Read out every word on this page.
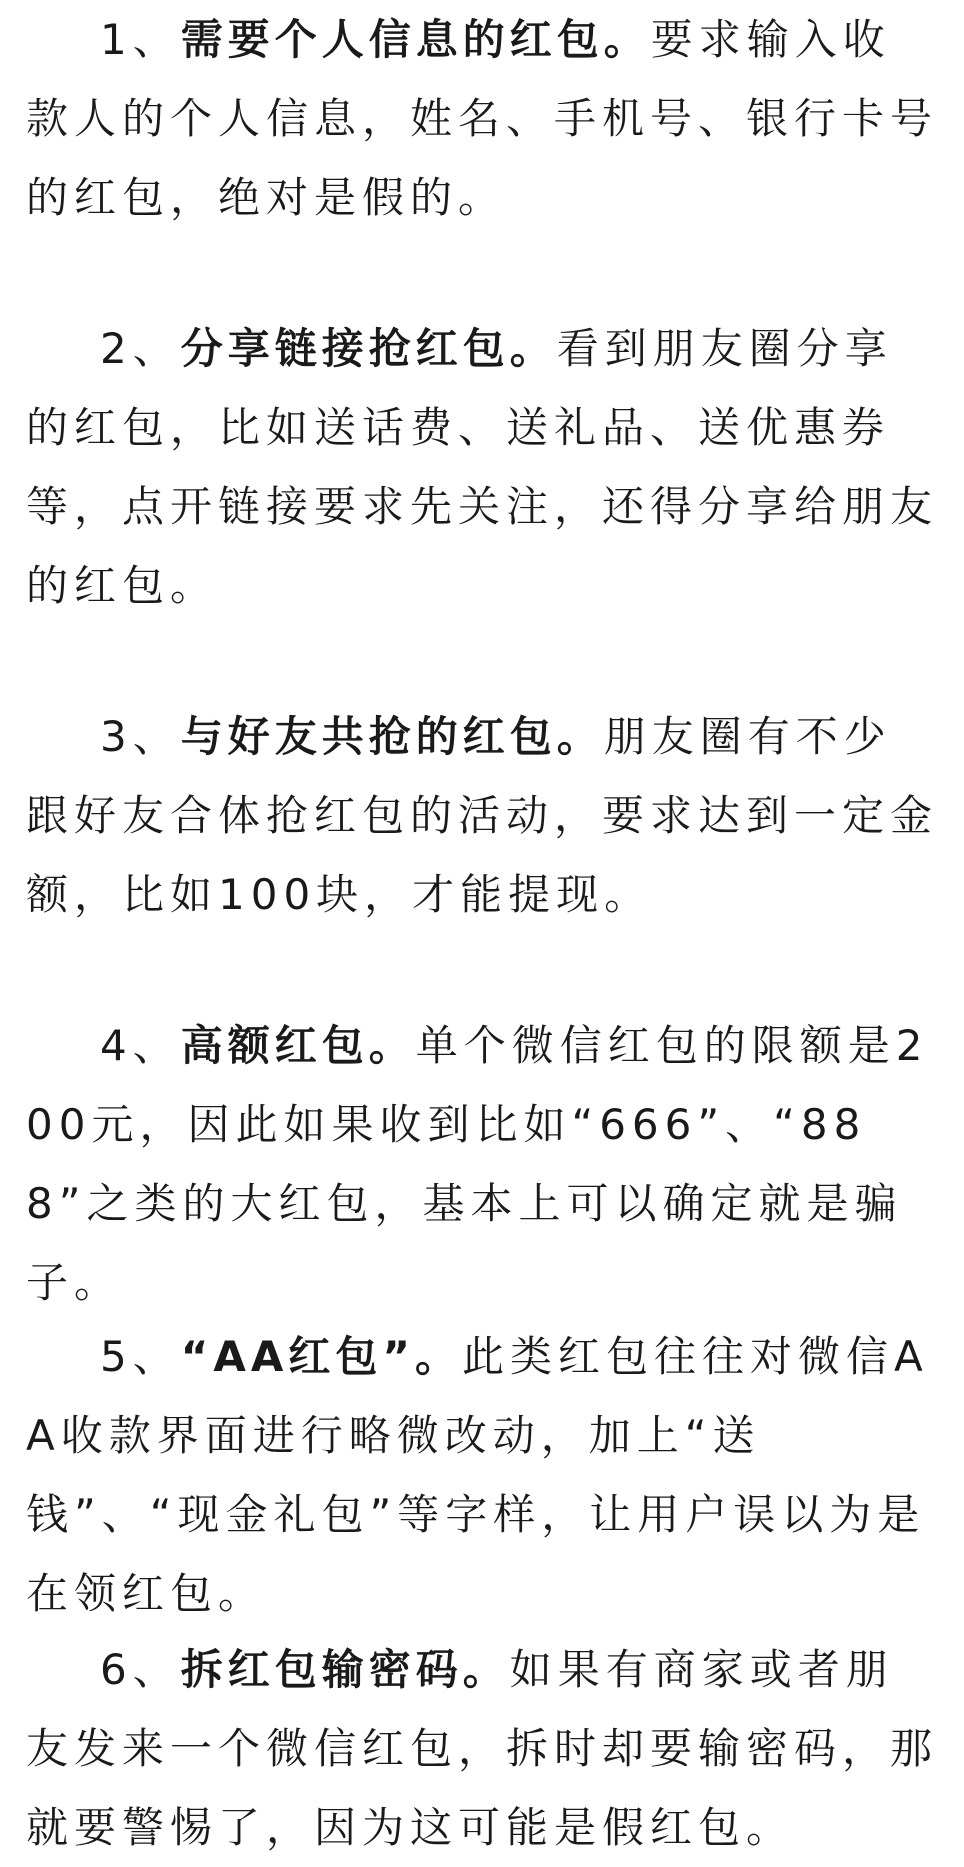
1、需要个人信息的红包。要求输入收款人的个人信息，姓名、手机号、银行卡号的红包，绝对是假的。

2、分享链接抢红包。看到朋友圈分享的红包，比如送话费、送礼品、送优惠券等，点开链接要求先关注，还得分享给朋友的红包。

3、与好友共抢的红包。朋友圈有不少跟好友合体抢红包的活动，要求达到一定金额，比如100块，才能提现。

4、高额红包。单个微信红包的限额是200元，因此如果收到比如“666”、“888”之类的大红包，基本上可以确定就是骗子。

5、“AA红包”。此类红包往往对微信AA收款界面进行略微改动，加上“送钱”、“现金礼包”等字样，让用户误以为是在领红包。

6、拆红包输密码。如果有商家或者朋友发来一个微信红包，拆时却要输密码，那就要警惕了，因为这可能是假红包。
